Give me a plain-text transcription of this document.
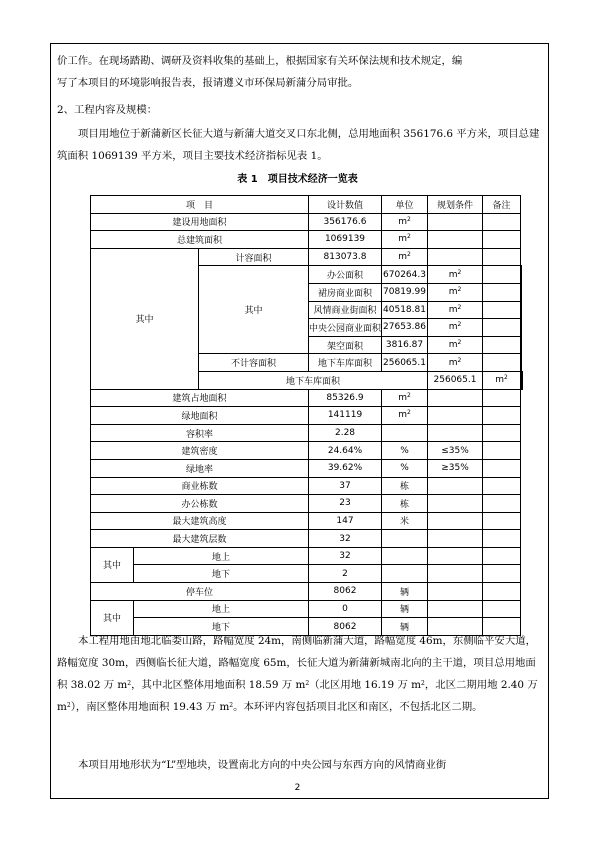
价工作。在现场踏勘、调研及资料收集的基础上，根据国家有关环保法规和技术规定，编
写了本项目的环境影响报告表，报请遵义市环保局新蒲分局审批。
2、工程内容及规模：
项目用地位于新蒲新区长征大道与新蒲大道交叉口东北侧，总用地面积 356176.6 平方米，项目总建筑面积 1069139 平方米，项目主要技术经济指标见表 1。
表 1　项目技术经济一览表
项　目			设计数值	单位	规划条件	备注	
建设用地面积			356176.6	$m^2$		
总建筑面积			1069139	$m^2$		
其中		计容面积	813073.8	$m^2$		
		其中	办公面积	670264.3	$m^2$		
			裙房商业面积	70819.99	$m^2$		
			风情商业街面积	40518.81	$m^2$		
			中央公园商业面积	27653.86	$m^2$		
			架空面积	3816.87	$m^2$		
		不计容面积	地下车库面积	256065.1	$m^2$		
		地下车库面积			256065.1	$m^2$		
建筑占地面积			85326.9	$m^2$		
绿地面积			141119	$m^2$		
容积率			2.28				
建筑密度			24.64%	%	≤35%		
绿地率			39.62%	%	≥35%		
商业栋数			37	栋			
办公栋数			23	栋			
最大建筑高度			147	米			
最大建筑层数			32				
其中	地上		32				
	地下		2				
停车位			8062	辆			
其中	地上		0	辆			
	地下		8062	辆			
本工程用地由地北临娄山路，路幅宽度 24m，南侧临新蒲大道，路幅宽度 46m，东侧临平安大道，路幅宽度 30m，西侧临长征大道，路幅宽度 65m，长征大道为新蒲新城南北向的主干道，项目总用地面积 38.02 万 $m^2$，其中北区整体用地面积 18.59 万 $m^2$（北区用地 16.19 万 $m^2$，北区二期用地 2.40 万 $m^2$），南区整体用地面积 19.43 万 $m^2$。本环评内容包括项目北区和南区，不包括北区二期。
本项目用地形状为“L”型地块，设置南北方向的中央公园与东西方向的风情商业街
2
